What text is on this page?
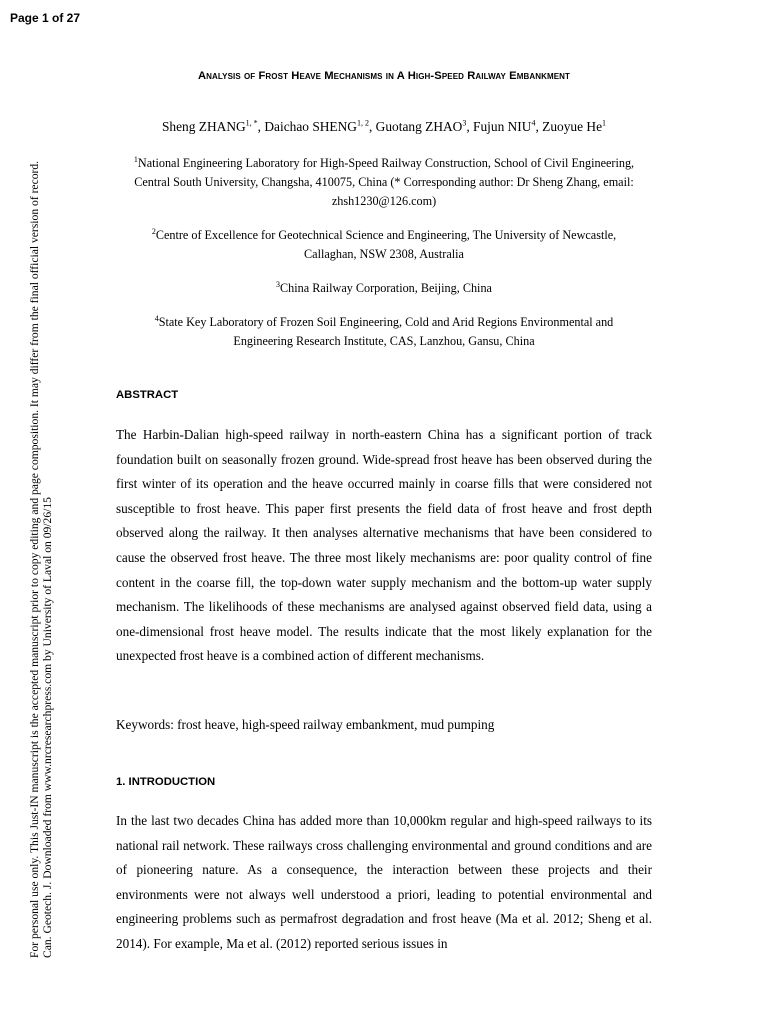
Page 1 of 27
For personal use only. This Just-IN manuscript is the accepted manuscript prior to copy editing and page composition. It may differ from the final official version of record. Can. Geotech. J. Downloaded from www.nrcresearchpress.com by University of Laval on 09/26/15
Analysis of Frost Heave Mechanisms in A High-Speed Railway Embankment
Sheng $ZHANG^{1, *}$, Daichao SHENG$^{1, 2}$, Guotang ZHAO$^3$, Fujun NIU$^4$, Zuoyue He$^1$
$^1$National Engineering Laboratory for High-Speed Railway Construction, School of Civil Engineering,
Central South University, Changsha, 410075, China (* Corresponding author: Dr Sheng Zhang, email:
zhsh1230@126.com)
$^2$Centre of Excellence for Geotechnical Science and Engineering, The University of Newcastle,
Callaghan, NSW 2308, Australia
$^3$China Railway Corporation, Beijing, China
$^4$State Key Laboratory of Frozen Soil Engineering, Cold and Arid Regions Environmental and
Engineering Research Institute, CAS, Lanzhou, Gansu, China
ABSTRACT
The Harbin-Dalian high-speed railway in north-eastern China has a significant portion of track foundation built on seasonally frozen ground. Wide-spread frost heave has been observed during the first winter of its operation and the heave occurred mainly in coarse fills that were considered not susceptible to frost heave. This paper first presents the field data of frost heave and frost depth observed along the railway. It then analyses alternative mechanisms that have been considered to cause the observed frost heave. The three most likely mechanisms are: poor quality control of fine content in the coarse fill, the top-down water supply mechanism and the bottom-up water supply mechanism. The likelihoods of these mechanisms are analysed against observed field data, using a one-dimensional frost heave model. The results indicate that the most likely explanation for the unexpected frost heave is a combined action of different mechanisms.
Keywords: frost heave, high-speed railway embankment, mud pumping
1. INTRODUCTION
In the last two decades China has added more than 10,000km regular and high-speed railways to its national rail network. These railways cross challenging environmental and ground conditions and are of pioneering nature. As a consequence, the interaction between these projects and their environments were not always well understood a priori, leading to potential environmental and engineering problems such as permafrost degradation and frost heave (Ma et al. 2012; Sheng et al. 2014). For example, Ma et al. (2012) reported serious issues in
